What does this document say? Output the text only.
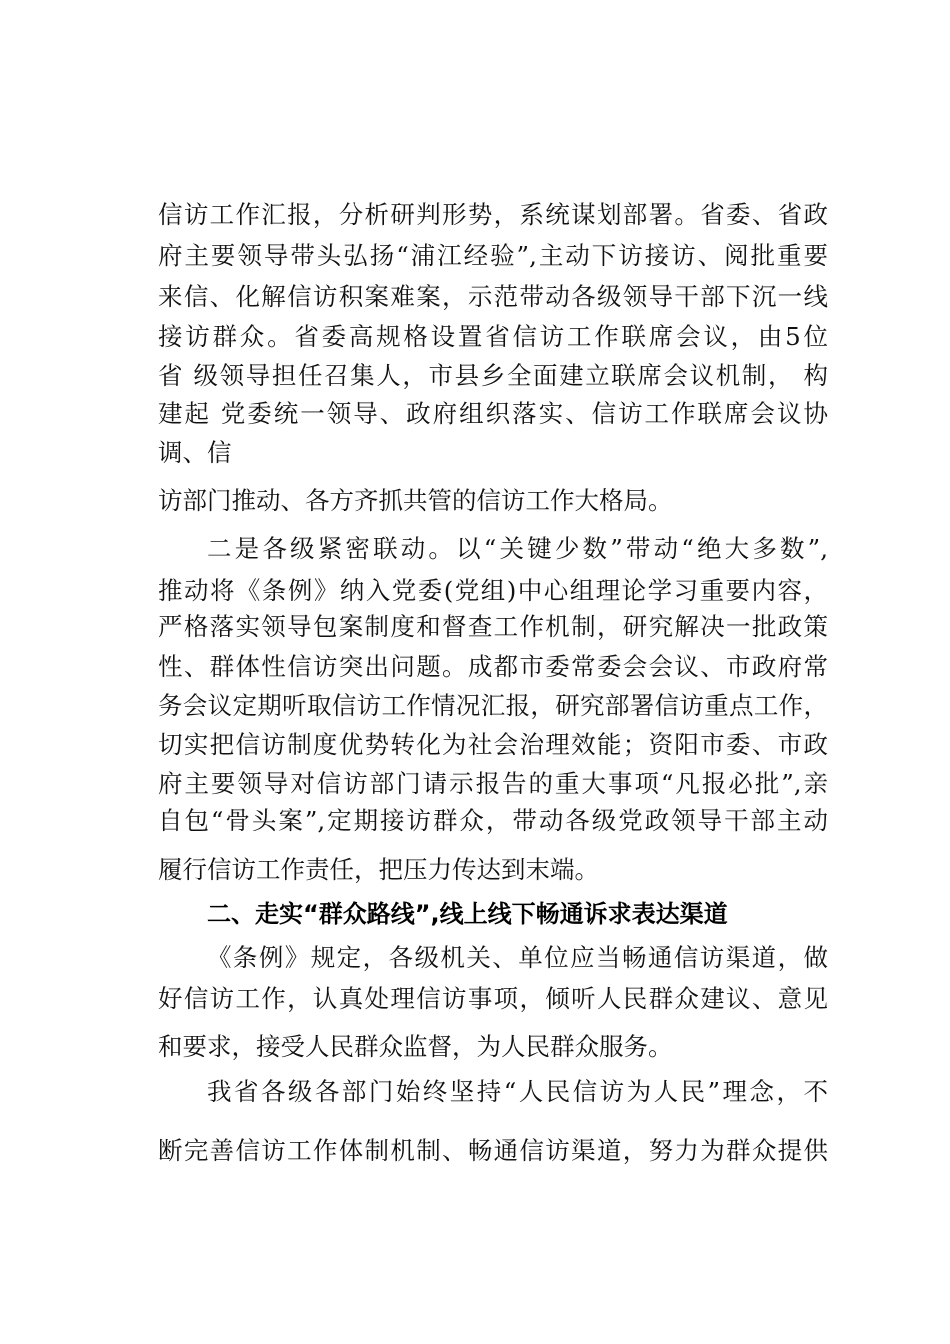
信访工作汇报，分析研判形势，系统谋划部署。省委、省政

府主要领导带头弘扬“浦江经验”,主动下访接访、阅批重要

来信、化解信访积案难案，示范带动各级领导干部下沉一线

接访群众。省委高规格设置省信访工作联席会议，由5位

省 级领导担任召集人，市县乡全面建立联席会议机制， 构

建起 党委统一领导、政府组织落实、信访工作联席会议协

调、信

访部门推动、各方齐抓共管的信访工作大格局。

二是各级紧密联动。以“关键少数”带动“绝大多数”,

推动将《条例》纳入党委(党组)中心组理论学习重要内容，

严格落实领导包案制度和督查工作机制，研究解决一批政策

性、群体性信访突出问题。成都市委常委会会议、市政府常

务会议定期听取信访工作情况汇报，研究部署信访重点工作，

切实把信访制度优势转化为社会治理效能；资阳市委、市政

府主要领导对信访部门请示报告的重大事项“凡报必批”,亲

自包“骨头案”,定期接访群众，带动各级党政领导干部主动

履行信访工作责任，把压力传达到末端。

二、走实“群众路线”,线上线下畅通诉求表达渠道

《条例》规定，各级机关、单位应当畅通信访渠道，做

好信访工作，认真处理信访事项，倾听人民群众建议、意见

和要求，接受人民群众监督，为人民群众服务。

我省各级各部门始终坚持“人民信访为人民”理念，不

断完善信访工作体制机制、畅通信访渠道，努力为群众提供
